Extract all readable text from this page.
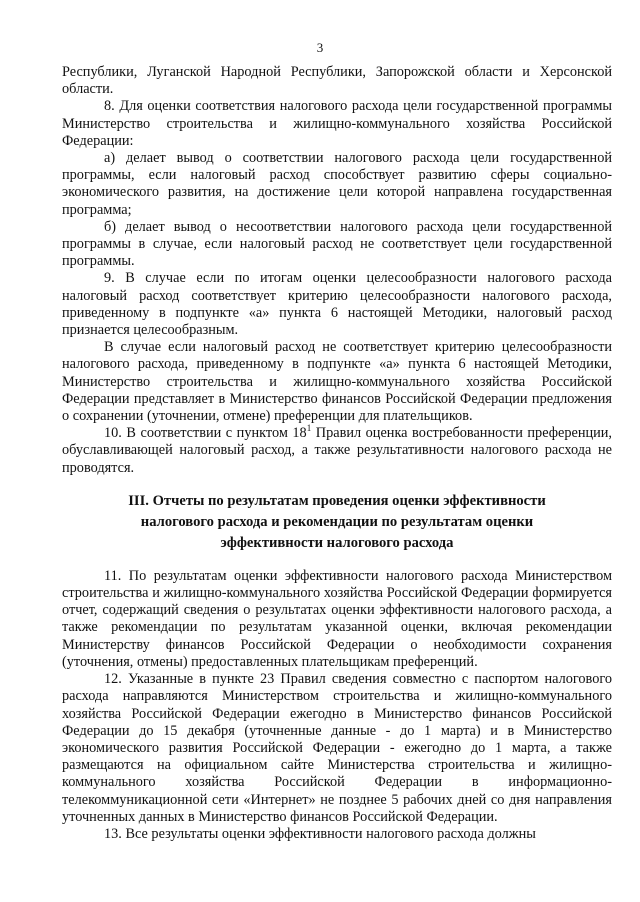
3

Республики, Луганской Народной Республики, Запорожской области и Херсонской области.

8. Для оценки соответствия налогового расхода цели государственной программы Министерство строительства и жилищно-коммунального хозяйства Российской Федерации:

а) делает вывод о соответствии налогового расхода цели государственной программы, если налоговый расход способствует развитию сферы социально-экономического развития, на достижение цели которой направлена государственная программа;

б) делает вывод о несоответствии налогового расхода цели государственной программы в случае, если налоговый расход не соответствует цели государственной программы.

9. В случае если по итогам оценки целесообразности налогового расхода налоговый расход соответствует критерию целесообразности налогового расхода, приведенному в подпункте «а» пункта 6 настоящей Методики, налоговый расход признается целесообразным.

В случае если налоговый расход не соответствует критерию целесообразности налогового расхода, приведенному в подпункте «а» пункта 6 настоящей Методики, Министерство строительства и жилищно-коммунального хозяйства Российской Федерации представляет в Министерство финансов Российской Федерации предложения о сохранении (уточнении, отмене) преференции для плательщиков.

10. В соответствии с пунктом $18^1$ Правил оценка востребованности преференции, обуславливающей налоговый расход, а также результативности налогового расхода не проводятся.

III. Отчеты по результатам проведения оценки эффективности
налогового расхода и рекомендации по результатам оценки
эффективности налогового расхода

11. По результатам оценки эффективности налогового расхода Министерством строительства и жилищно-коммунального хозяйства Российской Федерации формируется отчет, содержащий сведения о результатах оценки эффективности налогового расхода, а также рекомендации по результатам указанной оценки, включая рекомендации Министерству финансов Российской Федерации о необходимости сохранения (уточнения, отмены) предоставленных плательщикам преференций.

12. Указанные в пункте 23 Правил сведения совместно с паспортом налогового расхода направляются Министерством строительства и жилищно-коммунального хозяйства Российской Федерации ежегодно в Министерство финансов Российской Федерации до 15 декабря (уточненные данные - до 1 марта) и в Министерство экономического развития Российской Федерации - ежегодно до 1 марта, а также размещаются на официальном сайте Министерства строительства и жилищно-коммунального хозяйства Российской Федерации в информационно-телекоммуникационной сети «Интернет» не позднее 5 рабочих дней со дня направления уточненных данных в Министерство финансов Российской Федерации.

13. Все результаты оценки эффективности налогового расхода должны
